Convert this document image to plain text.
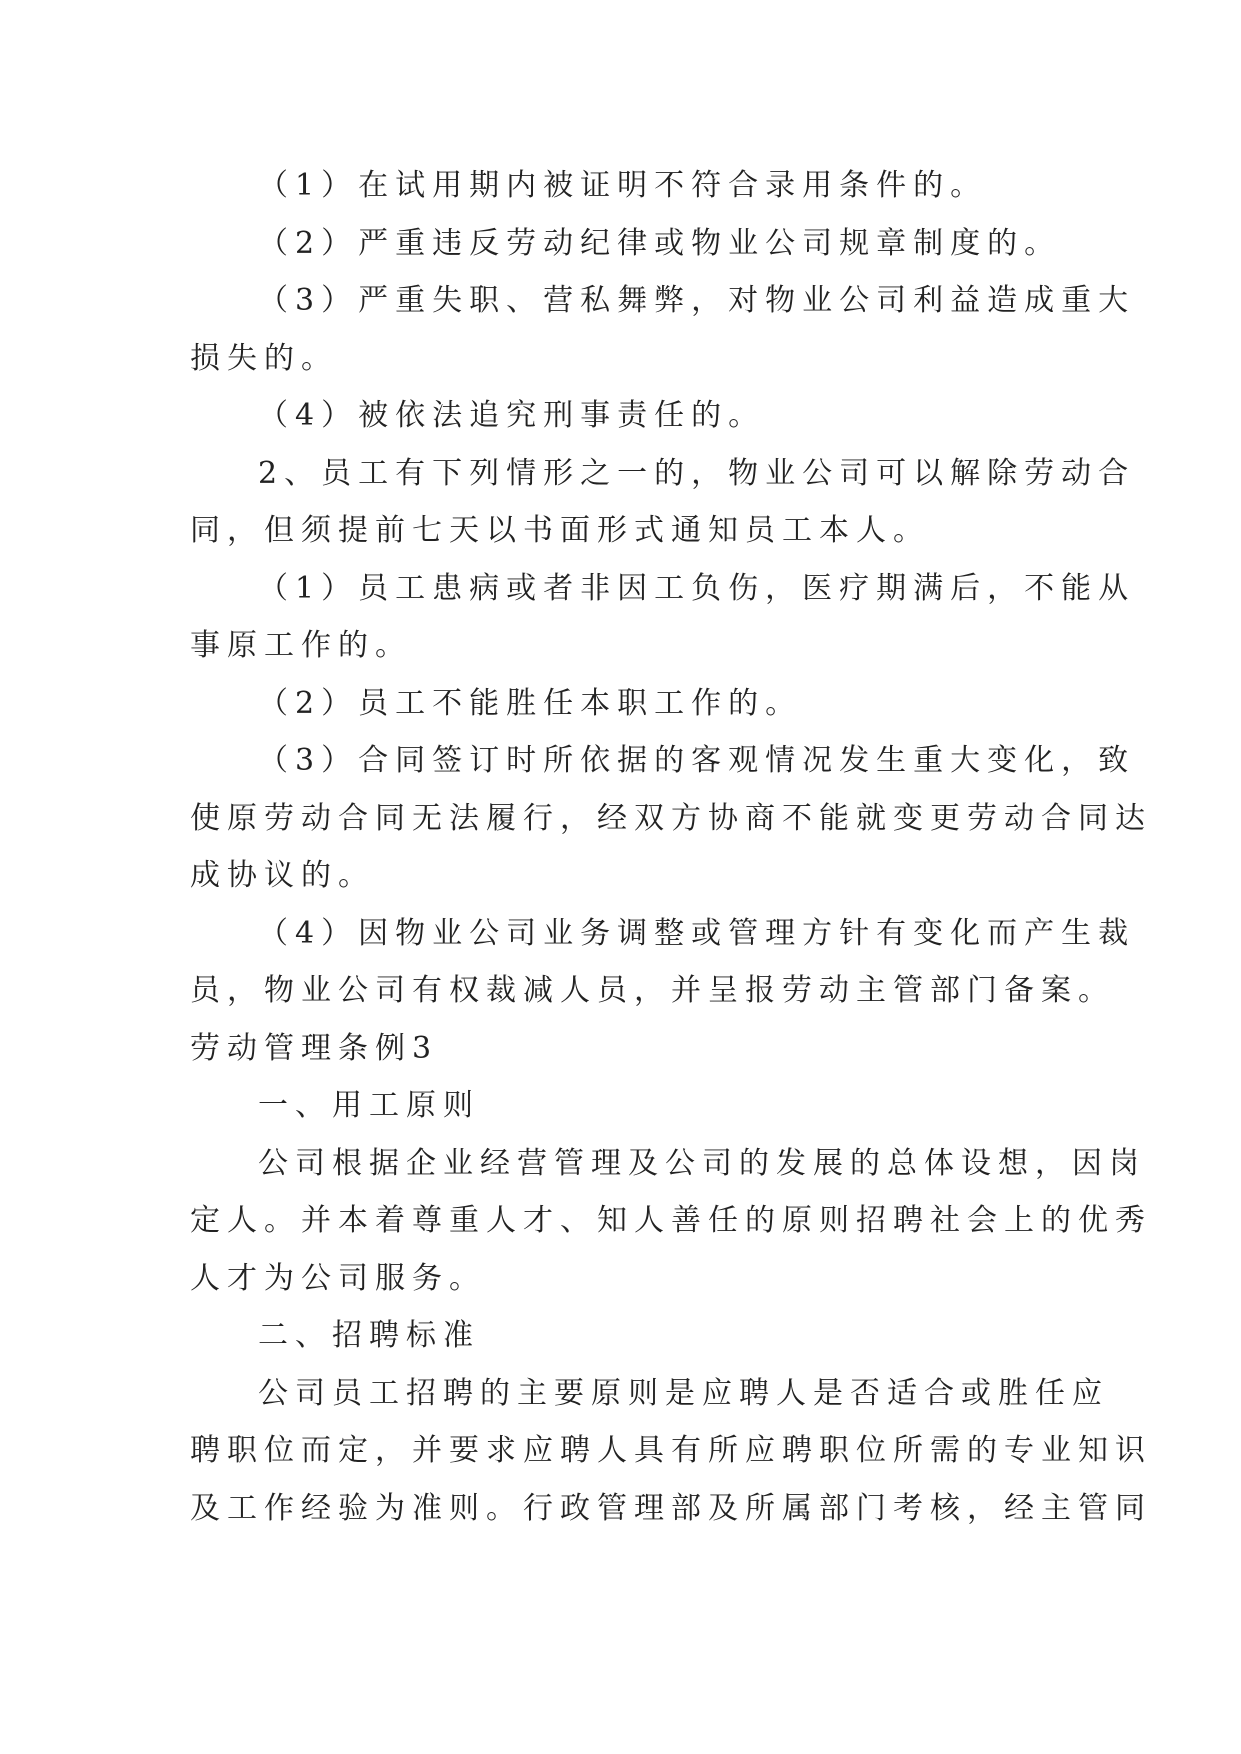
（1）在试用期内被证明不符合录用条件的。
（2）严重违反劳动纪律或物业公司规章制度的。
（3）严重失职、营私舞弊，对物业公司利益造成重大
损失的。
（4）被依法追究刑事责任的。
2、员工有下列情形之一的，物业公司可以解除劳动合
同，但须提前七天以书面形式通知员工本人。
（1）员工患病或者非因工负伤，医疗期满后，不能从
事原工作的。
（2）员工不能胜任本职工作的。
（3）合同签订时所依据的客观情况发生重大变化，致
使原劳动合同无法履行，经双方协商不能就变更劳动合同达
成协议的。
（4）因物业公司业务调整或管理方针有变化而产生裁
员，物业公司有权裁减人员，并呈报劳动主管部门备案。
劳动管理条例3
一、用工原则
公司根据企业经营管理及公司的发展的总体设想，因岗
定人。并本着尊重人才、知人善任的原则招聘社会上的优秀
人才为公司服务。
二、招聘标准
公司员工招聘的主要原则是应聘人是否适合或胜任应
聘职位而定，并要求应聘人具有所应聘职位所需的专业知识
及工作经验为准则。行政管理部及所属部门考核，经主管同
